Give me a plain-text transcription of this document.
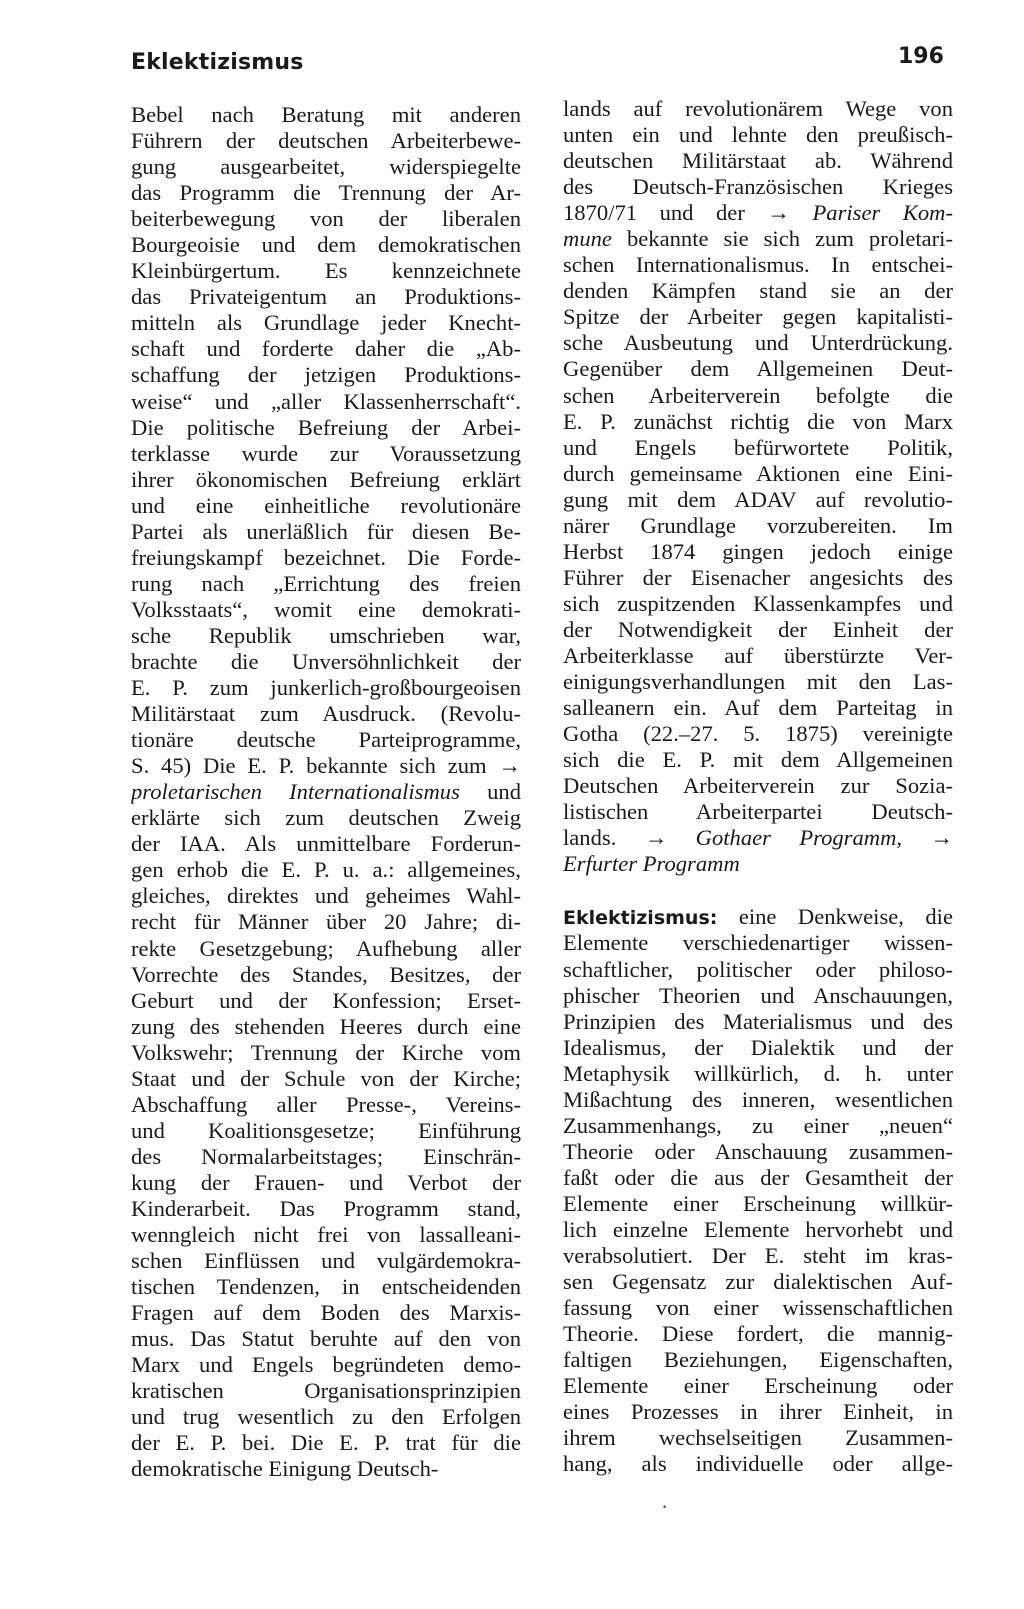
Eklektizismus	196
Bebel nach Beratung mit anderen
Führern der deutschen Arbeiterbewe-
gung ausgearbeitet, widerspiegelte
das Programm die Trennung der Ar-
beiterbewegung von der liberalen
Bourgeoisie und dem demokratischen
Kleinbürgertum. Es kennzeichnete
das Privateigentum an Produktions-
mitteln als Grundlage jeder Knecht-
schaft und forderte daher die „Ab-
schaffung der jetzigen Produktions-
weise“ und „aller Klassenherrschaft“.
Die politische Befreiung der Arbei-
terklasse wurde zur Voraussetzung
ihrer ökonomischen Befreiung erklärt
und eine einheitliche revolutionäre
Partei als unerläßlich für diesen Be-
freiungskampf bezeichnet. Die Forde-
rung nach „Errichtung des freien
Volksstaats“, womit eine demokrati-
sche Republik umschrieben war,
brachte die Unversöhnlichkeit der
E. P. zum junkerlich-großbourgeoisen
Militärstaat zum Ausdruck. (Revolu-
tionäre deutsche Parteiprogramme,
S. 45) Die E. P. bekannte sich zum →
proletarischen Internationalismus und
erklärte sich zum deutschen Zweig
der IAA. Als unmittelbare Forderun-
gen erhob die E. P. u. a.: allgemeines,
gleiches, direktes und geheimes Wahl-
recht für Männer über 20 Jahre; di-
rekte Gesetzgebung; Aufhebung aller
Vorrechte des Standes, Besitzes, der
Geburt und der Konfession; Erset-
zung des stehenden Heeres durch eine
Volkswehr; Trennung der Kirche vom
Staat und der Schule von der Kirche;
Abschaffung aller Presse-, Vereins-
und Koalitionsgesetze; Einführung
des Normalarbeitstages; Einschrän-
kung der Frauen- und Verbot der
Kinderarbeit. Das Programm stand,
wenngleich nicht frei von lassalleani-
schen Einflüssen und vulgärdemokra-
tischen Tendenzen, in entscheidenden
Fragen auf dem Boden des Marxis-
mus. Das Statut beruhte auf den von
Marx und Engels begründeten demo-
kratischen Organisationsprinzipien
und trug wesentlich zu den Erfolgen
der E. P. bei. Die E. P. trat für die
demokratische Einigung Deutsch-
lands auf revolutionärem Wege von
unten ein und lehnte den preußisch-
deutschen Militärstaat ab. Während
des Deutsch-Französischen Krieges
1870/71 und der → Pariser Kom-
mune bekannte sie sich zum proletari-
schen Internationalismus. In entschei-
denden Kämpfen stand sie an der
Spitze der Arbeiter gegen kapitalisti-
sche Ausbeutung und Unterdrückung.
Gegenüber dem Allgemeinen Deut-
schen Arbeiterverein befolgte die
E. P. zunächst richtig die von Marx
und Engels befürwortete Politik,
durch gemeinsame Aktionen eine Eini-
gung mit dem ADAV auf revolutio-
närer Grundlage vorzubereiten. Im
Herbst 1874 gingen jedoch einige
Führer der Eisenacher angesichts des
sich zuspitzenden Klassenkampfes und
der Notwendigkeit der Einheit der
Arbeiterklasse auf überstürzte Ver-
einigungsverhandlungen mit den Las-
salleanern ein. Auf dem Parteitag in
Gotha (22.–27. 5. 1875) vereinigte
sich die E. P. mit dem Allgemeinen
Deutschen Arbeiterverein zur Sozia-
listischen Arbeiterpartei Deutsch-
lands. → Gothaer Programm, →
Erfurter Programm
Eklektizismus: eine Denkweise, die
Elemente verschiedenartiger wissen-
schaftlicher, politischer oder philoso-
phischer Theorien und Anschauungen,
Prinzipien des Materialismus und des
Idealismus, der Dialektik und der
Metaphysik willkürlich, d. h. unter
Mißachtung des inneren, wesentlichen
Zusammenhangs, zu einer „neuen“
Theorie oder Anschauung zusammen-
faßt oder die aus der Gesamtheit der
Elemente einer Erscheinung willkür-
lich einzelne Elemente hervorhebt und
verabsolutiert. Der E. steht im kras-
sen Gegensatz zur dialektischen Auf-
fassung von einer wissenschaftlichen
Theorie. Diese fordert, die mannig-
faltigen Beziehungen, Eigenschaften,
Elemente einer Erscheinung oder
eines Prozesses in ihrer Einheit, in
ihrem wechselseitigen Zusammen-
hang, als individuelle oder allge-
•
